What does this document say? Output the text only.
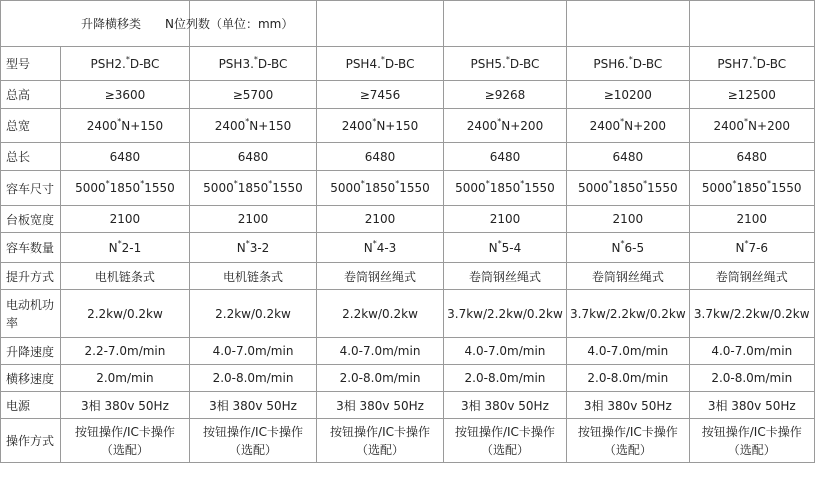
升降横移类　　N位列数（单位：mm）						
型号	PSH2.*D-BC	PSH3.*D-BC	PSH4.*D-BC	PSH5.*D-BC	PSH6.*D-BC	PSH7.*D-BC
总高	≥3600	≥5700	≥7456	≥9268	≥10200	≥12500
总宽	2400*N+150	2400*N+150	2400*N+150	2400*N+200	2400*N+200	2400*N+200
总长	6480	6480	6480	6480	6480	6480
容车尺寸	5000*1850*1550	5000*1850*1550	5000*1850*1550	5000*1850*1550	5000*1850*1550	5000*1850*1550
台板宽度	2100	2100	2100	2100	2100	2100
容车数量	N*2-1	N*3-2	N*4-3	N*5-4	N*6-5	N*7-6
提升方式	电机链条式	电机链条式	卷筒钢丝绳式	卷筒钢丝绳式	卷筒钢丝绳式	卷筒钢丝绳式
电动机功率	2.2kw/0.2kw	2.2kw/0.2kw	2.2kw/0.2kw	3.7kw/2.2kw/0.2kw	3.7kw/2.2kw/0.2kw	3.7kw/2.2kw/0.2kw
升降速度	2.2-7.0m/min	4.0-7.0m/min	4.0-7.0m/min	4.0-7.0m/min	4.0-7.0m/min	4.0-7.0m/min
横移速度	2.0m/min	2.0-8.0m/min	2.0-8.0m/min	2.0-8.0m/min	2.0-8.0m/min	2.0-8.0m/min
电源	3相 380v 50Hz	3相 380v 50Hz	3相 380v 50Hz	3相 380v 50Hz	3相 380v 50Hz	3相 380v 50Hz
操作方式	按钮操作/IC卡操作（选配）	按钮操作/IC卡操作（选配）	按钮操作/IC卡操作（选配）	按钮操作/IC卡操作（选配）	按钮操作/IC卡操作（选配）	按钮操作/IC卡操作（选配）
